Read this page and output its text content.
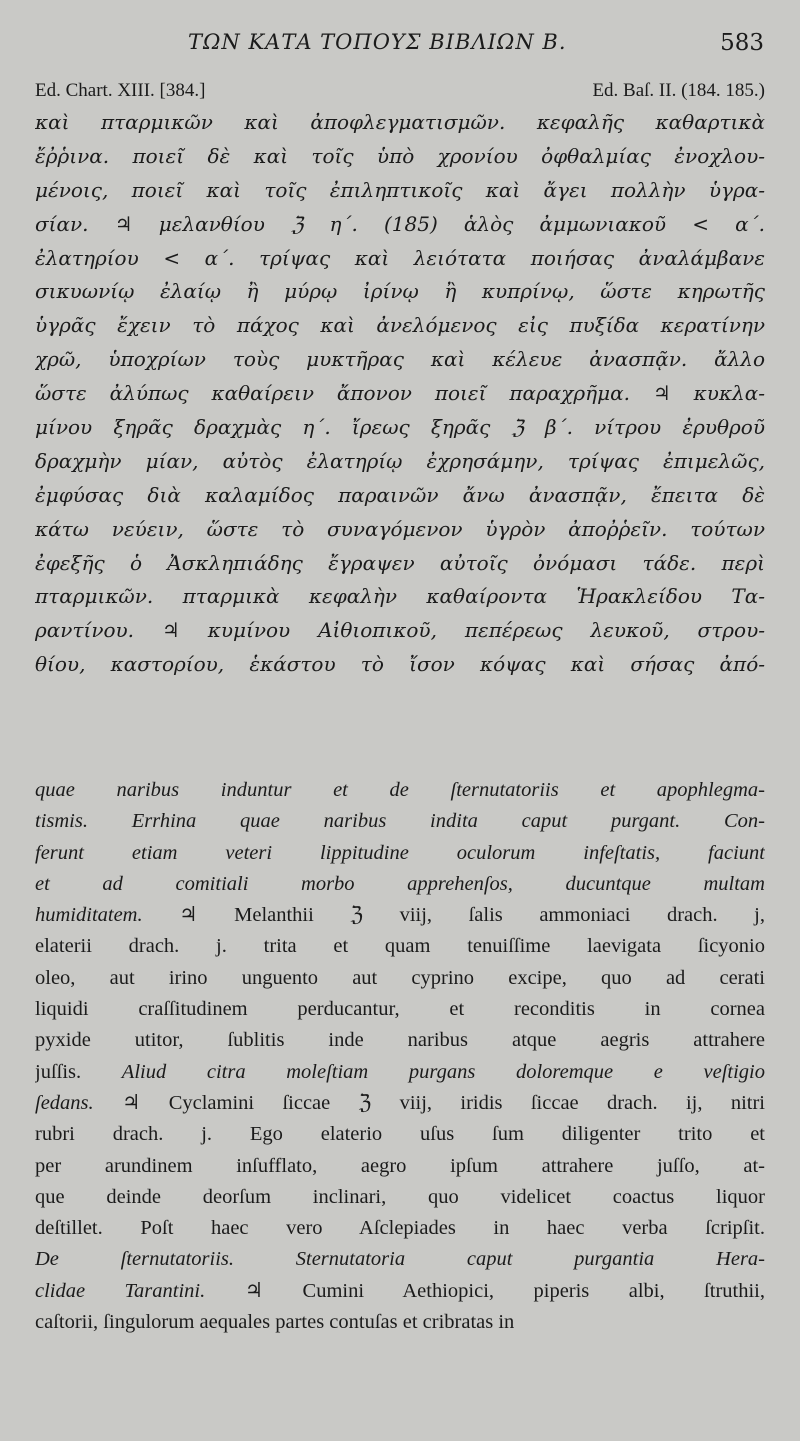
ΤΩΝ ΚΑΤΑ ΤΟΠΟΥΣ ΒΙΒΛΙΩΝ Β.	583
Ed. Chart. XIII. [384.]	Ed. Baſ. II. (184. 185.)
καὶ πταρμικῶν καὶ ἀποφλεγματισμῶν. κεφαλῆς καθαρτικὰ
ἔῤῥινα. ποιεῖ δὲ καὶ τοῖς ὑπὸ χρονίου ὀφθαλμίας ἐνοχλου-
μένοις, ποιεῖ καὶ τοῖς ἐπιληπτικοῖς καὶ ἄγει πολλὴν ὑγρα-
σίαν. ♃ μελανθίου ℨ η΄. (185) ἁλὸς ἀμμωνιακοῦ < α΄.
ἐλατηρίου < α΄. τρίψας καὶ λειότατα ποιήσας ἀναλάμβανε
σικυωνίῳ ἐλαίῳ ἢ μύρῳ ἰρίνῳ ἢ κυπρίνῳ, ὥστε κηρωτῆς
ὑγρᾶς ἔχειν τὸ πάχος καὶ ἀνελόμενος εἰς πυξίδα κερατίνην
χρῶ, ὑποχρίων τοὺς μυκτῆρας καὶ κέλευε ἀνασπᾷν. ἄλλο
ὥστε ἀλύπως καθαίρειν ἄπονον ποιεῖ παραχρῆμα. ♃ κυκλα-
μίνου ξηρᾶς δραχμὰς η΄. ἴρεως ξηρᾶς ℨ β΄. νίτρου ἐρυθροῦ
δραχμὴν μίαν, αὐτὸς ἐλατηρίῳ ἐχρησάμην, τρίψας ἐπιμελῶς,
ἐμφύσας διὰ καλαμίδος παραινῶν ἄνω ἀνασπᾷν, ἔπειτα δὲ
κάτω νεύειν, ὥστε τὸ συναγόμενον ὑγρὸν ἀποῤῥεῖν. τούτων
ἐφεξῆς ὁ Ἀσκληπιάδης ἔγραψεν αὐτοῖς ὀνόμασι τάδε. περὶ
πταρμικῶν. πταρμικὰ κεφαλὴν καθαίροντα Ἡρακλείδου Τα-
ραντίνου. ♃ κυμίνου Αἰθιοπικοῦ, πεπέρεως λευκοῦ, στρου-
θίου, καστορίου, ἑκάστου τὸ ἴσον κόψας καὶ σήσας ἀπό-
quae naribus induntur et de ſternutatoriis et apophlegma-
tismis. Errhina quae naribus indita caput purgant. Con-
ferunt etiam veteri lippitudine oculorum infeſtatis, faciunt
et ad comitiali morbo apprehenſos, ducuntque multam
humiditatem. ♃ Melanthii ℨ viij, ſalis ammoniaci drach. j,
elaterii drach. j. trita et quam tenuiſſime laevigata ſicyonio
oleo, aut irino unguento aut cyprino excipe, quo ad cerati
liquidi craſſitudinem perducantur, et reconditis in cornea
pyxide utitor, ſublitis inde naribus atque aegris attrahere
juſſis. Aliud citra moleſtiam purgans doloremque e veſtigio
ſedans. ♃ Cyclamini ſiccae ℨ viij, iridis ſiccae drach. ij, nitri
rubri drach. j. Ego elaterio uſus ſum diligenter trito et
per arundinem inſufflato, aegro ipſum attrahere juſſo, at-
que deinde deorſum inclinari, quo videlicet coactus liquor
deſtillet. Poſt haec vero Aſclepiades in haec verba ſcripſit.
De ſternutatoriis. Sternutatoria caput purgantia Hera-
clidae Tarantini. ♃ Cumini Aethiopici, piperis albi, ſtruthii,
caſtorii, ſingulorum aequales partes contuſas et cribratas in
